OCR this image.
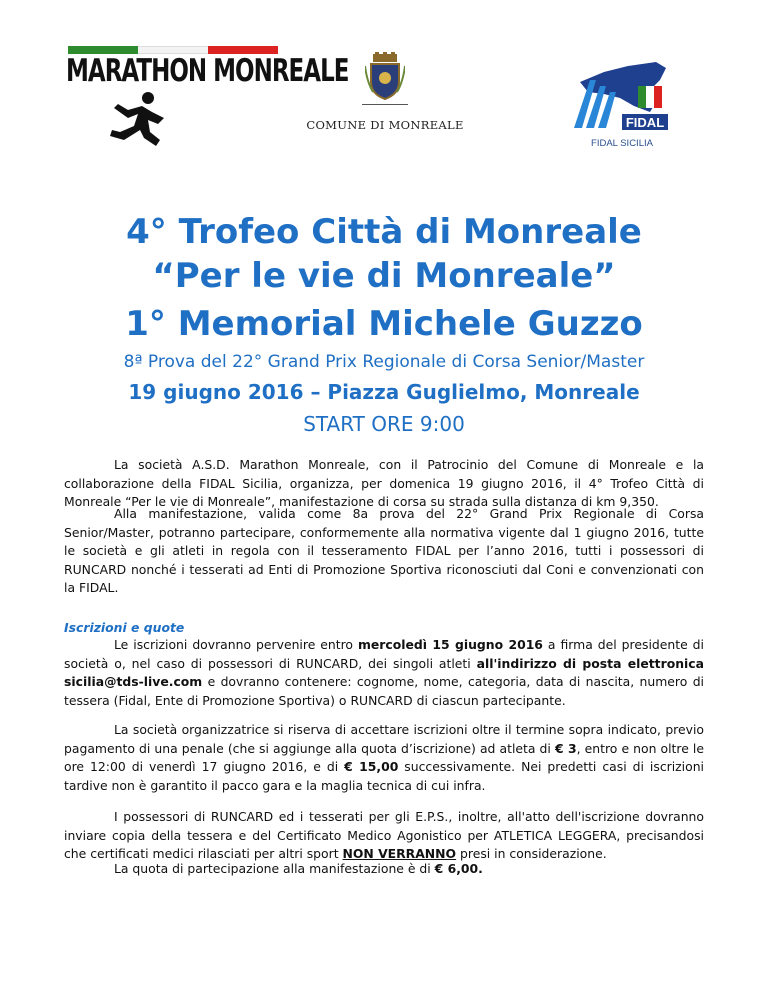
MARATHON MONREALE
COMUNE DI MONREALE	FIDAL
FIDAL SICILIA
4° Trofeo Città di Monreale
“Per le vie di Monreale”
1° Memorial Michele Guzzo
8ª Prova del 22° Grand Prix Regionale di Corsa Senior/Master
19 giugno 2016 – Piazza Guglielmo, Monreale
START ORE 9:00
La società A.S.D. Marathon Monreale, con il Patrocinio del Comune di Monreale e la collaborazione della FIDAL Sicilia, organizza, per domenica 19 giugno 2016, il 4° Trofeo Città di Monreale “Per le vie di Monreale”, manifestazione di corsa su strada sulla distanza di km 9,350.
Alla manifestazione, valida come 8a prova del 22° Grand Prix Regionale di Corsa Senior/Master, potranno partecipare, conformemente alla normativa vigente dal 1 giugno 2016, tutte le società e gli atleti in regola con il tesseramento FIDAL per l’anno 2016, tutti i possessori di RUNCARD nonché i tesserati ad Enti di Promozione Sportiva riconosciuti dal Coni e convenzionati con la FIDAL.
Iscrizioni e quote
Le iscrizioni dovranno pervenire entro mercoledì 15 giugno 2016 a firma del presidente di società o, nel caso di possessori di RUNCARD, dei singoli atleti all'indirizzo di posta elettronica sicilia@tds-live.com e dovranno contenere: cognome, nome, categoria, data di nascita, numero di tessera (Fidal, Ente di Promozione Sportiva) o RUNCARD di ciascun partecipante.
La società organizzatrice si riserva di accettare iscrizioni oltre il termine sopra indicato, previo pagamento di una penale (che si aggiunge alla quota d’iscrizione) ad atleta di € 3, entro e non oltre le ore 12:00 di venerdì 17 giugno 2016, e di € 15,00 successivamente. Nei predetti casi di iscrizioni tardive non è garantito il pacco gara e la maglia tecnica di cui infra.
I possessori di RUNCARD ed i tesserati per gli E.P.S., inoltre, all'atto dell'iscrizione dovranno inviare copia della tessera e del Certificato Medico Agonistico per ATLETICA LEGGERA, precisandosi che certificati medici rilasciati per altri sport NON VERRANNO presi in considerazione.
La quota di partecipazione alla manifestazione è di € 6,00.
